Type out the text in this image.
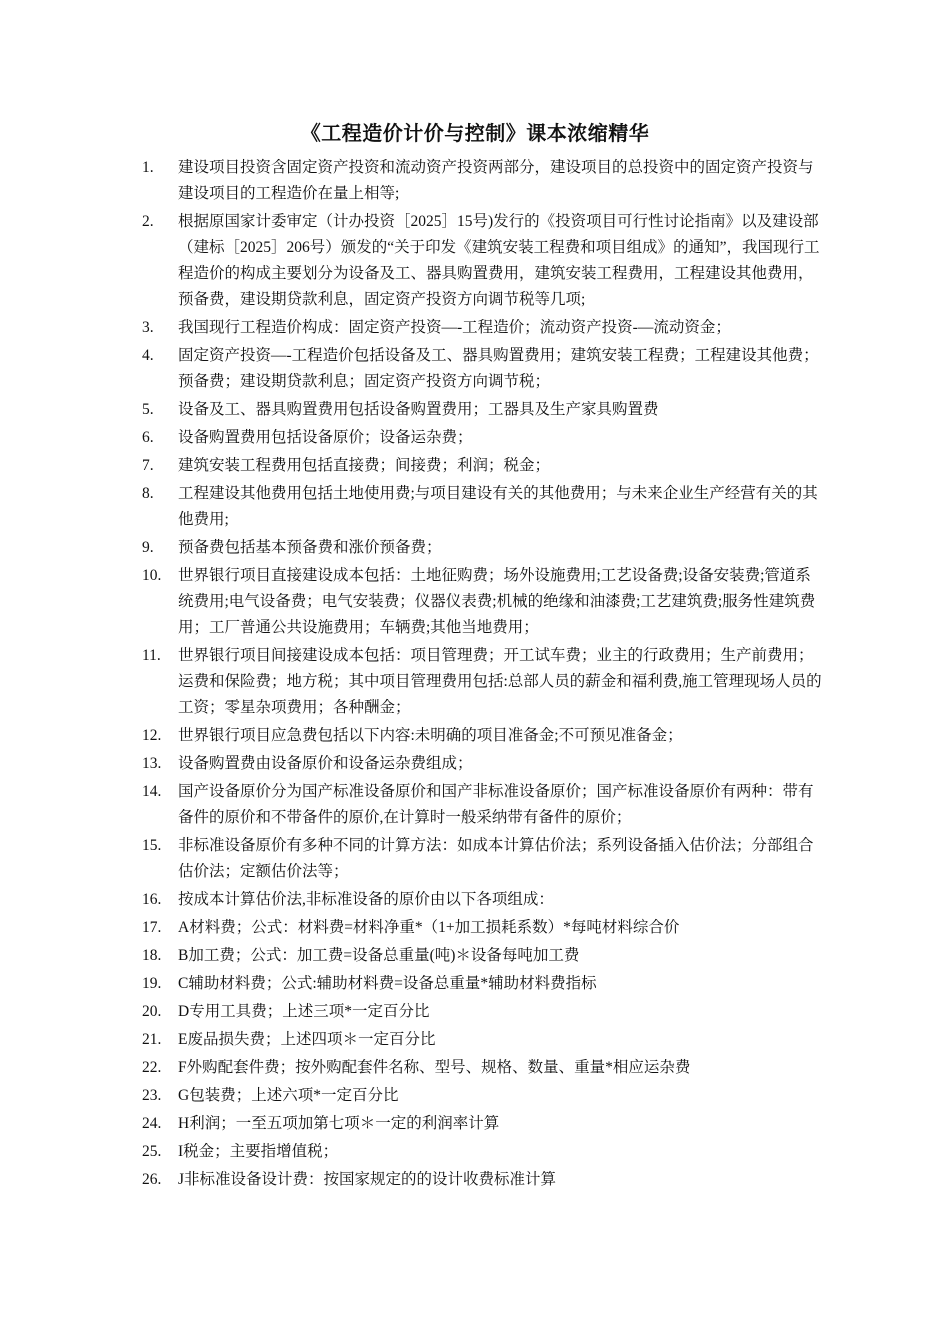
《工程造价计价与控制》课本浓缩精华
1.	建设项目投资含固定资产投资和流动资产投资两部分，建设项目的总投资中的固定资产投资与建设项目的工程造价在量上相等;
2.	根据原国家计委审定（计办投资［2025］15号)发行的《投资项目可行性讨论指南》以及建设部（建标［2025］206号）颁发的“关于印发《建筑安装工程费和项目组成》的通知”，我国现行工程造价的构成主要划分为设备及工、器具购置费用，建筑安装工程费用，工程建设其他费用，预备费，建设期贷款利息，固定资产投资方向调节税等几项;
3.	我国现行工程造价构成：固定资产投资—-工程造价；流动资产投资-—流动资金；
4.	固定资产投资—-工程造价包括设备及工、器具购置费用；建筑安装工程费；工程建设其他费；预备费；建设期贷款利息；固定资产投资方向调节税；
5.	设备及工、器具购置费用包括设备购置费用；工器具及生产家具购置费
6.	设备购置费用包括设备原价；设备运杂费；
7.	建筑安装工程费用包括直接费；间接费；利润；税金；
8.	工程建设其他费用包括土地使用费;与项目建设有关的其他费用；与未来企业生产经营有关的其他费用;
9.	预备费包括基本预备费和涨价预备费；
10.	世界银行项目直接建设成本包括：土地征购费；场外设施费用;工艺设备费;设备安装费;管道系统费用;电气设备费；电气安装费；仪器仪表费;机械的绝缘和油漆费;工艺建筑费;服务性建筑费用；工厂普通公共设施费用；车辆费;其他当地费用；
11.	世界银行项目间接建设成本包括：项目管理费；开工试车费；业主的行政费用；生产前费用；运费和保险费；地方税；其中项目管理费用包括:总部人员的薪金和福利费,施工管理现场人员的工资；零星杂项费用；各种酬金；
12.	世界银行项目应急费包括以下内容:未明确的项目准备金;不可预见准备金；
13.	设备购置费由设备原价和设备运杂费组成；
14.	国产设备原价分为国产标准设备原价和国产非标准设备原价；国产标准设备原价有两种：带有备件的原价和不带备件的原价,在计算时一般采纳带有备件的原价；
15.	非标准设备原价有多种不同的计算方法：如成本计算估价法；系列设备插入估价法；分部组合估价法；定额估价法等；
16.	按成本计算估价法,非标准设备的原价由以下各项组成：
17.	A材料费；公式：材料费=材料净重*（1+加工损耗系数）*每吨材料综合价
18.	B加工费；公式：加工费=设备总重量(吨)＊设备每吨加工费
19.	C辅助材料费；公式:辅助材料费=设备总重量*辅助材料费指标
20.	D专用工具费；上述三项*一定百分比
21.	E废品损失费；上述四项＊一定百分比
22.	F外购配套件费；按外购配套件名称、型号、规格、数量、重量*相应运杂费
23.	G包装费；上述六项*一定百分比
24.	H利润；一至五项加第七项＊一定的利润率计算
25.	I税金；主要指增值税；
26.	J非标准设备设计费：按国家规定的的设计收费标准计算
